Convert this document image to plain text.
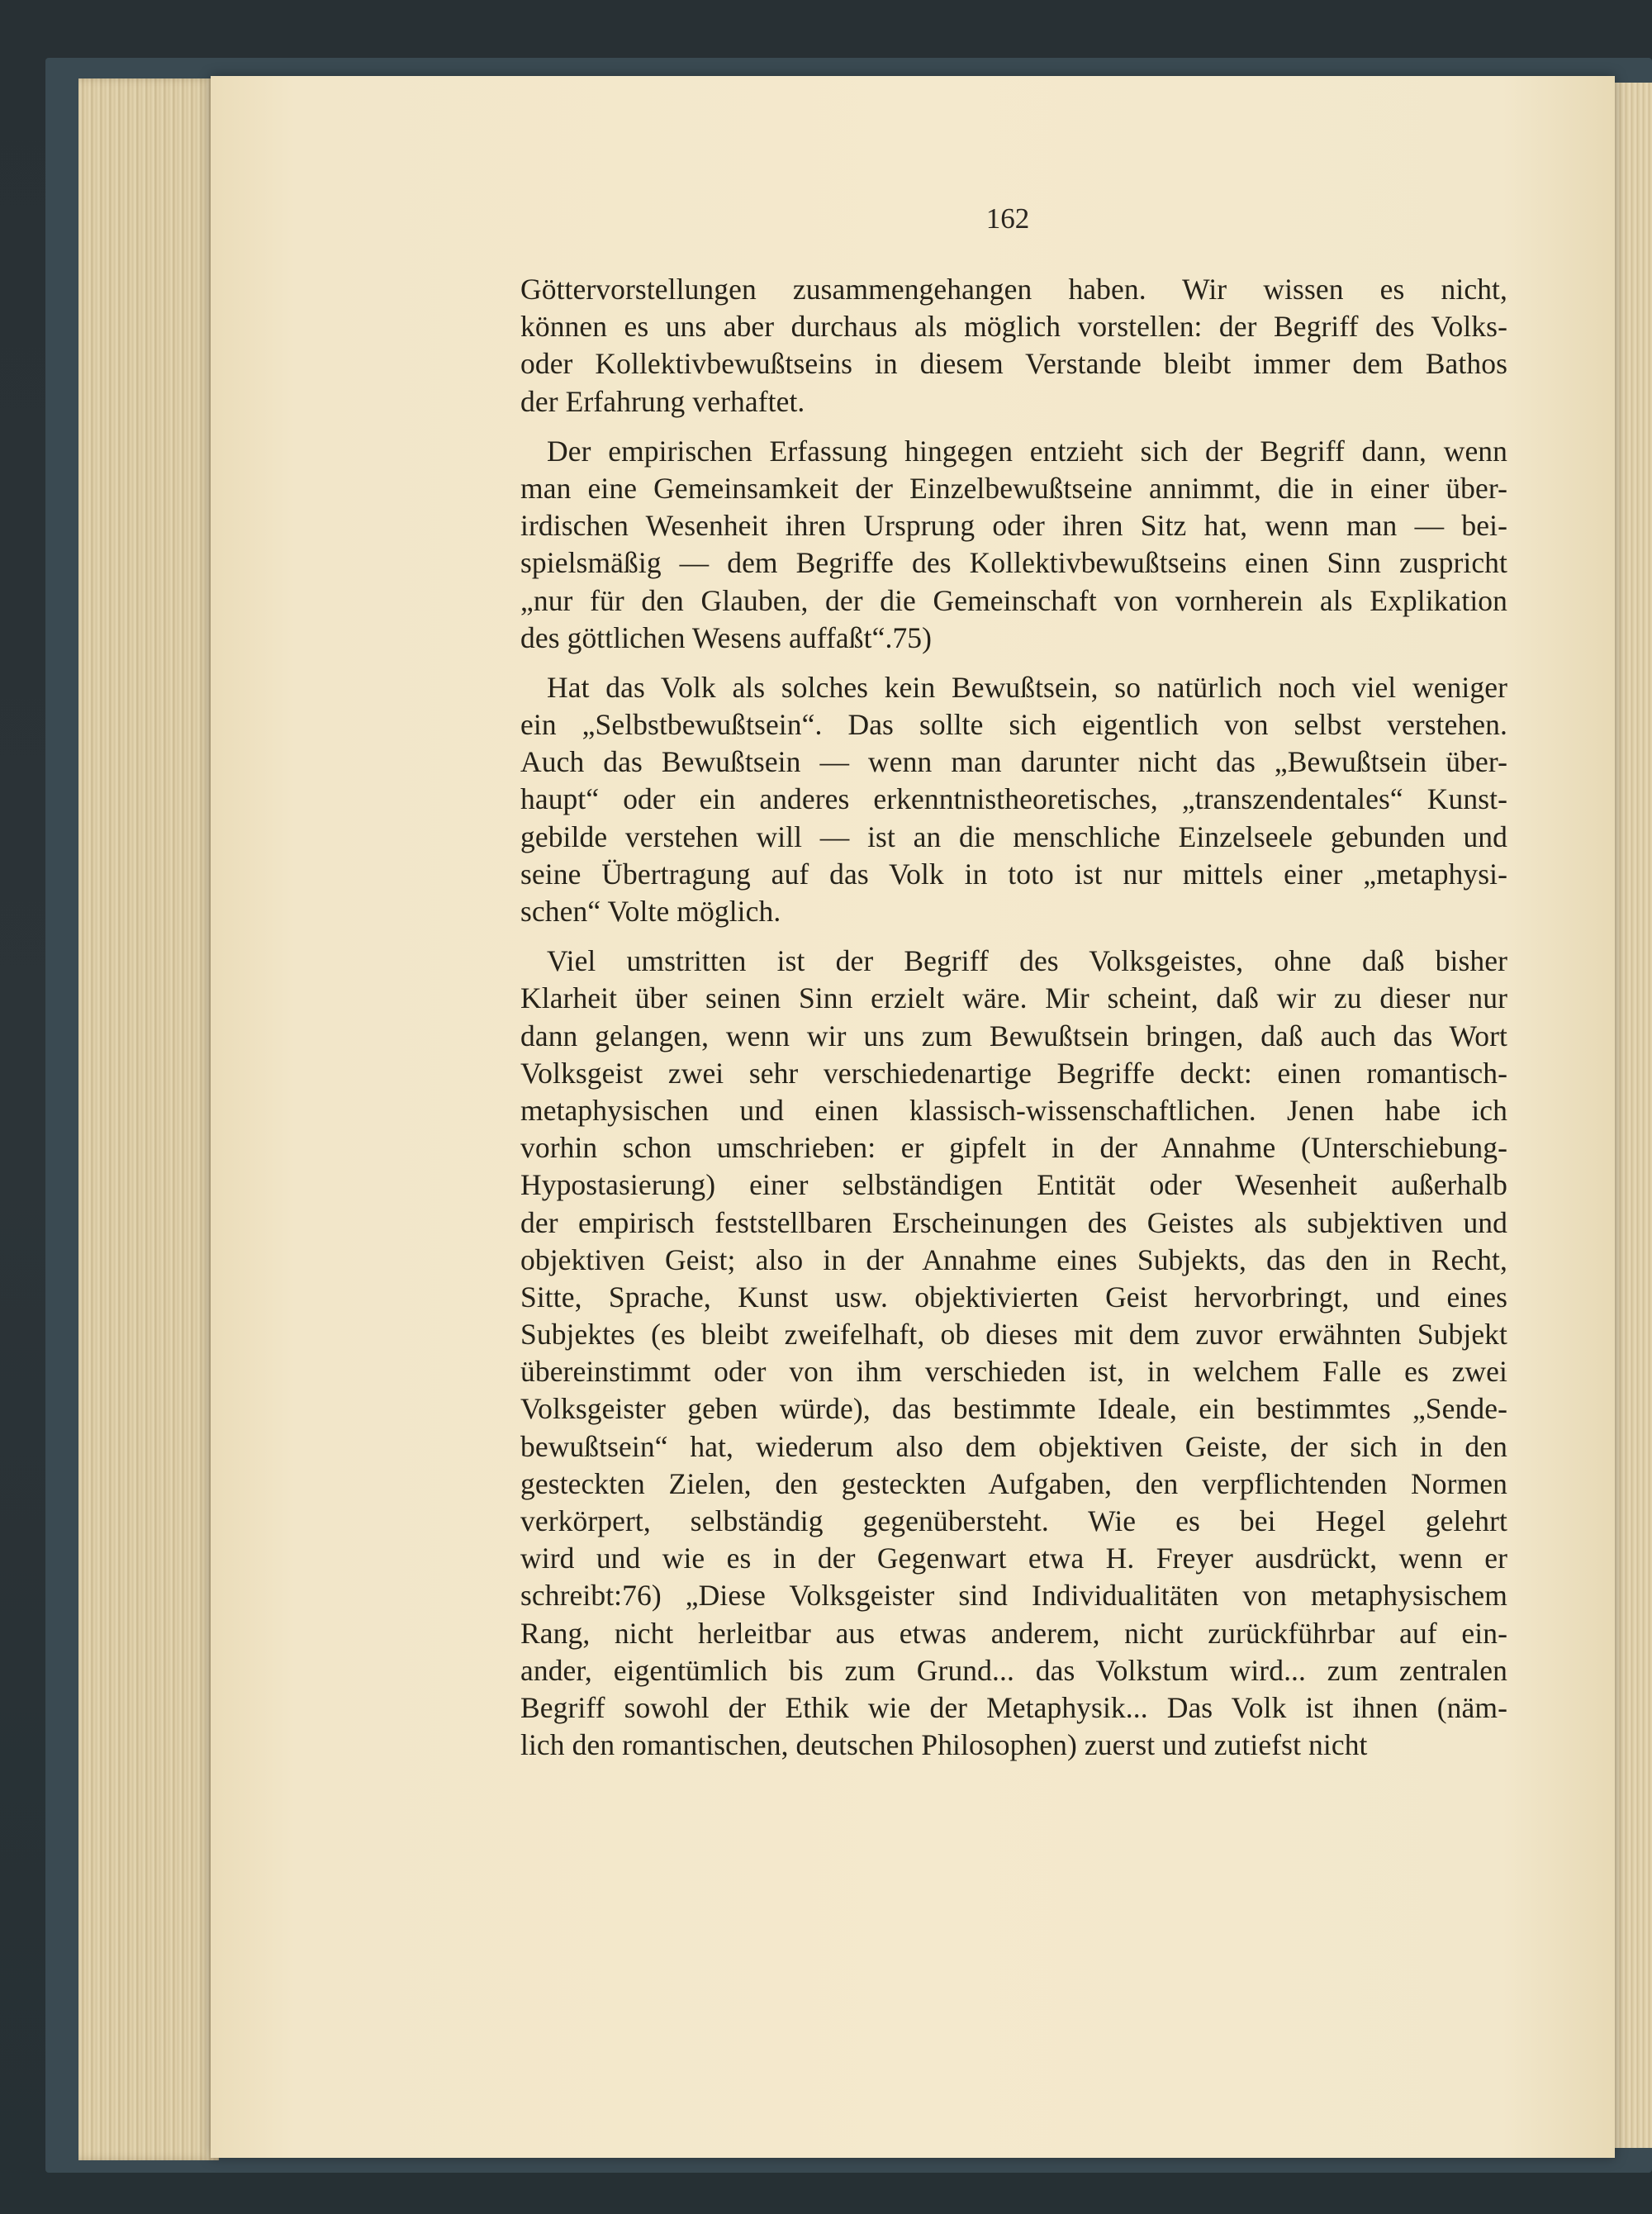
162
Göttervorstellungen zusammengehangen haben. Wir wissen es nicht,
können es uns aber durchaus als möglich vorstellen: der Begriff des Volks-
oder Kollektivbewußtseins in diesem Verstande bleibt immer dem Bathos
der Erfahrung verhaftet.
Der empirischen Erfassung hingegen entzieht sich der Begriff dann, wenn
man eine Gemeinsamkeit der Einzelbewußtseine annimmt, die in einer über-
irdischen Wesenheit ihren Ursprung oder ihren Sitz hat, wenn man — bei-
spielsmäßig — dem Begriffe des Kollektivbewußtseins einen Sinn zuspricht
„nur für den Glauben, der die Gemeinschaft von vornherein als Explikation
des göttlichen Wesens auffaßt“.75)
Hat das Volk als solches kein Bewußtsein, so natürlich noch viel weniger
ein „Selbstbewußtsein“. Das sollte sich eigentlich von selbst verstehen.
Auch das Bewußtsein — wenn man darunter nicht das „Bewußtsein über-
haupt“ oder ein anderes erkenntnistheoretisches, „transzendentales“ Kunst-
gebilde verstehen will — ist an die menschliche Einzelseele gebunden und
seine Übertragung auf das Volk in toto ist nur mittels einer „metaphysi-
schen“ Volte möglich.
Viel umstritten ist der Begriff des Volksgeistes, ohne daß bisher
Klarheit über seinen Sinn erzielt wäre. Mir scheint, daß wir zu dieser nur
dann gelangen, wenn wir uns zum Bewußtsein bringen, daß auch das Wort
Volksgeist zwei sehr verschiedenartige Begriffe deckt: einen romantisch-
metaphysischen und einen klassisch-wissenschaftlichen. Jenen habe ich
vorhin schon umschrieben: er gipfelt in der Annahme (Unterschiebung-
Hypostasierung) einer selbständigen Entität oder Wesenheit außerhalb
der empirisch feststellbaren Erscheinungen des Geistes als subjektiven und
objektiven Geist; also in der Annahme eines Subjekts, das den in Recht,
Sitte, Sprache, Kunst usw. objektivierten Geist hervorbringt, und eines
Subjektes (es bleibt zweifelhaft, ob dieses mit dem zuvor erwähnten Subjekt
übereinstimmt oder von ihm verschieden ist, in welchem Falle es zwei
Volksgeister geben würde), das bestimmte Ideale, ein bestimmtes „Sende-
bewußtsein“ hat, wiederum also dem objektiven Geiste, der sich in den
gesteckten Zielen, den gesteckten Aufgaben, den verpflichtenden Normen
verkörpert, selbständig gegenübersteht. Wie es bei Hegel gelehrt
wird und wie es in der Gegenwart etwa H. Freyer ausdrückt, wenn er
schreibt:76) „Diese Volksgeister sind Individualitäten von metaphysischem
Rang, nicht herleitbar aus etwas anderem, nicht zurückführbar auf ein-
ander, eigentümlich bis zum Grund... das Volkstum wird... zum zentralen
Begriff sowohl der Ethik wie der Metaphysik... Das Volk ist ihnen (näm-
lich den romantischen, deutschen Philosophen) zuerst und zutiefst nicht
